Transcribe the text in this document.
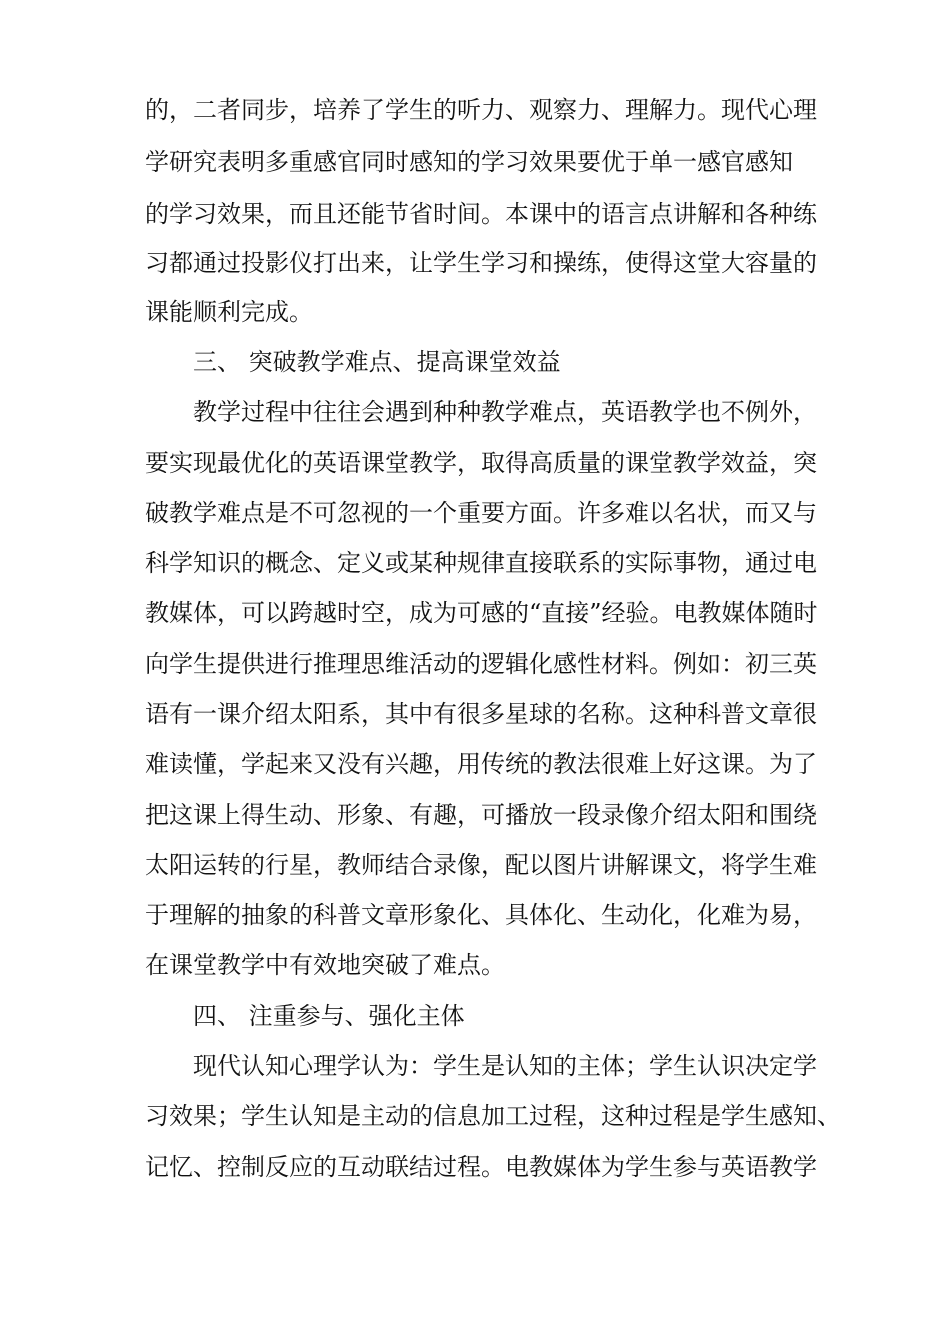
的，二者同步，培养了学生的听力、观察力、理解力。现代心理
学研究表明多重感官同时感知的学习效果要优于单一感官感知
的学习效果，而且还能节省时间。本课中的语言点讲解和各种练
习都通过投影仪打出来，让学生学习和操练，使得这堂大容量的
课能顺利完成。
三、 突破教学难点、提高课堂效益
教学过程中往往会遇到种种教学难点，英语教学也不例外，
要实现最优化的英语课堂教学，取得高质量的课堂教学效益，突
破教学难点是不可忽视的一个重要方面。许多难以名状，而又与
科学知识的概念、定义或某种规律直接联系的实际事物，通过电
教媒体，可以跨越时空，成为可感的“直接”经验。电教媒体随时
向学生提供进行推理思维活动的逻辑化感性材料。例如：初三英
语有一课介绍太阳系，其中有很多星球的名称。这种科普文章很
难读懂，学起来又没有兴趣，用传统的教法很难上好这课。为了
把这课上得生动、形象、有趣，可播放一段录像介绍太阳和围绕
太阳运转的行星，教师结合录像，配以图片讲解课文，将学生难
于理解的抽象的科普文章形象化、具体化、生动化，化难为易，
在课堂教学中有效地突破了难点。
四、 注重参与、强化主体
现代认知心理学认为：学生是认知的主体；学生认识决定学
习效果；学生认知是主动的信息加工过程，这种过程是学生感知、
记忆、控制反应的互动联结过程。电教媒体为学生参与英语教学
